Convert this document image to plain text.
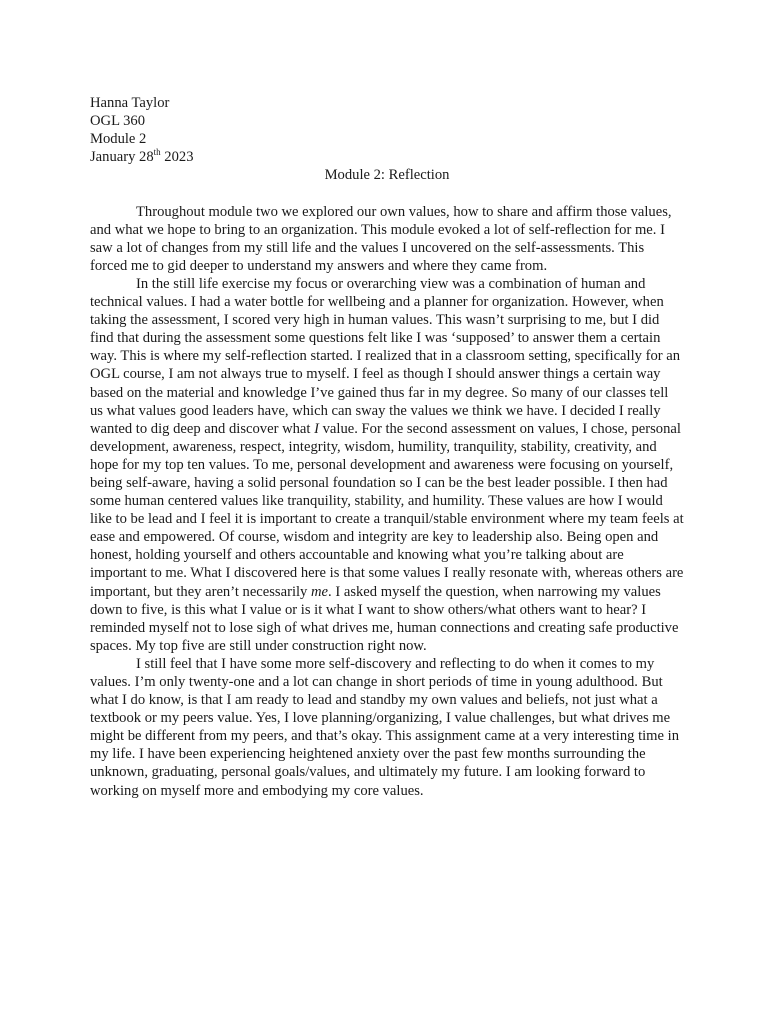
Hanna Taylor

OGL 360

Module 2

January 28th 2023

Module 2: Reflection

Throughout module two we explored our own values, how to share and affirm those values, and what we hope to bring to an organization. This module evoked a lot of self-reflection for me. I saw a lot of changes from my still life and the values I uncovered on the self-assessments. This forced me to gid deeper to understand my answers and where they came from.

In the still life exercise my focus or overarching view was a combination of human and technical values. I had a water bottle for wellbeing and a planner for organization. However, when taking the assessment, I scored very high in human values. This wasn’t surprising to me, but I did find that during the assessment some questions felt like I was ‘supposed’ to answer them a certain way. This is where my self-reflection started. I realized that in a classroom setting, specifically for an OGL course, I am not always true to myself. I feel as though I should answer things a certain way based on the material and knowledge I’ve gained thus far in my degree. So many of our classes tell us what values good leaders have, which can sway the values we think we have. I decided I really wanted to dig deep and discover what I value. For the second assessment on values, I chose, personal development, awareness, respect, integrity, wisdom, humility, tranquility, stability, creativity, and hope for my top ten values. To me, personal development and awareness were focusing on yourself, being self-aware, having a solid personal foundation so I can be the best leader possible. I then had some human centered values like tranquility, stability, and humility. These values are how I would like to be lead and I feel it is important to create a tranquil/stable environment where my team feels at ease and empowered. Of course, wisdom and integrity are key to leadership also. Being open and honest, holding yourself and others accountable and knowing what you’re talking about are important to me. What I discovered here is that some values I really resonate with, whereas others are important, but they aren’t necessarily me. I asked myself the question, when narrowing my values down to five, is this what I value or is it what I want to show others/what others want to hear? I reminded myself not to lose sigh of what drives me, human connections and creating safe productive spaces. My top five are still under construction right now.

I still feel that I have some more self-discovery and reflecting to do when it comes to my values. I’m only twenty-one and a lot can change in short periods of time in young adulthood. But what I do know, is that I am ready to lead and standby my own values and beliefs, not just what a textbook or my peers value. Yes, I love planning/organizing, I value challenges, but what drives me might be different from my peers, and that’s okay. This assignment came at a very interesting time in my life. I have been experiencing heightened anxiety over the past few months surrounding the unknown, graduating, personal goals/values, and ultimately my future. I am looking forward to working on myself more and embodying my core values.
